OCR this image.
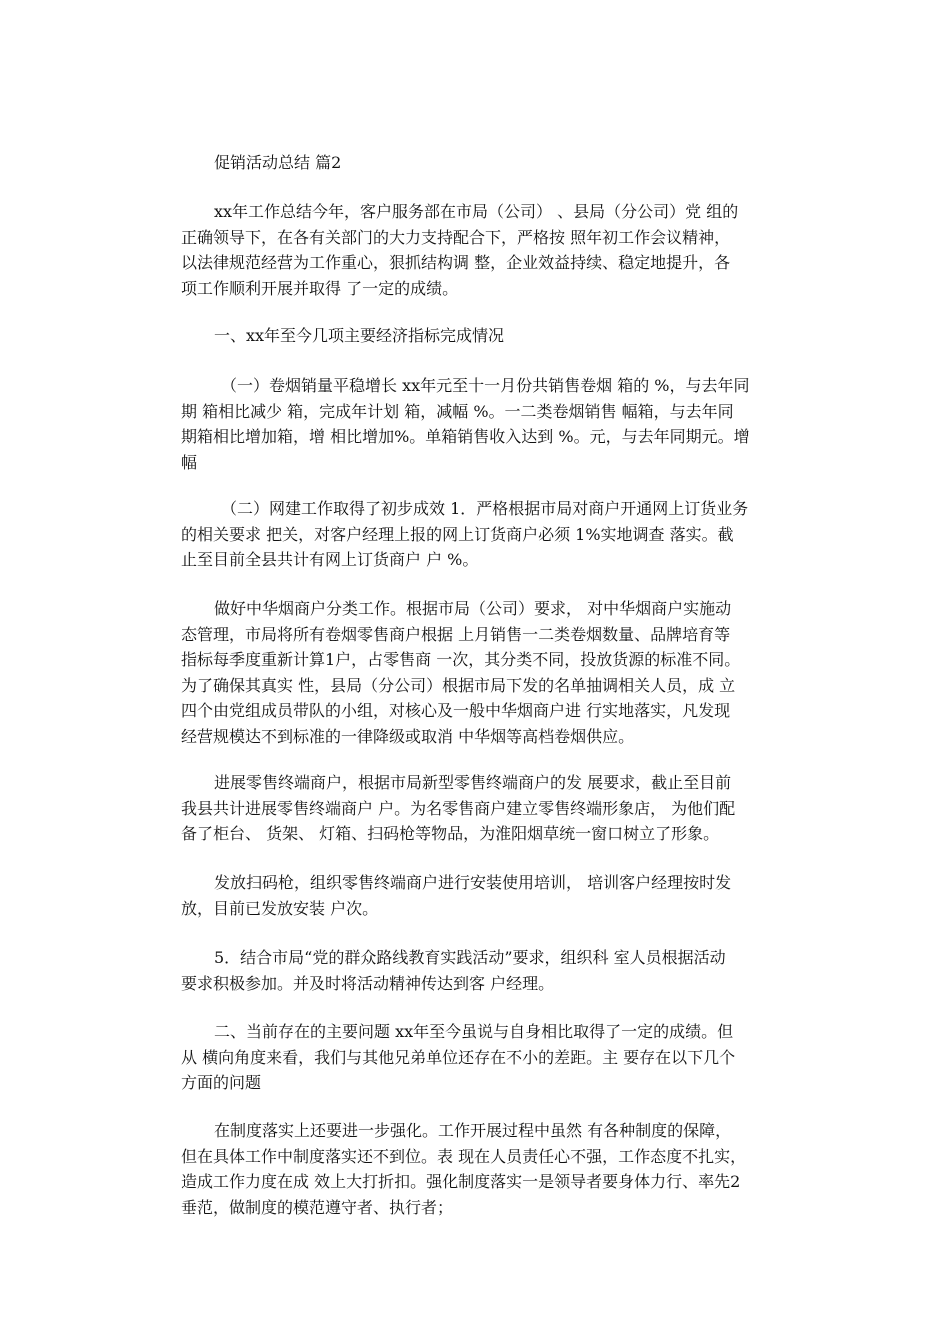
促销活动总结 篇2
xx年工作总结今年，客户服务部在市局（公司） 、县局（分公司）党 组的
正确领导下，在各有关部门的大力支持配合下，严格按 照年初工作会议精神，
以法律规范经营为工作重心，狠抓结构调 整，企业效益持续、稳定地提升，各
项工作顺利开展并取得 了一定的成绩。
一、xx年至今几项主要经济指标完成情况
（一）卷烟销量平稳增长 xx年元至十一月份共销售卷烟 箱的 %，与去年同
期 箱相比减少 箱，完成年计划 箱，减幅 %。一二类卷烟销售 幅箱，与去年同
期箱相比增加箱，增 相比增加%。单箱销售收入达到 %。元，与去年同期元。增
幅
（二）网建工作取得了初步成效 1．严格根据市局对商户开通网上订货业务
的相关要求 把关，对客户经理上报的网上订货商户必须 1%实地调查 落实。截
止至目前全县共计有网上订货商户 户 %。
做好中华烟商户分类工作。根据市局（公司）要求， 对中华烟商户实施动
态管理，市局将所有卷烟零售商户根据 上月销售一二类卷烟数量、品牌培育等
指标每季度重新计算1户，占零售商 一次，其分类不同，投放货源的标准不同。
为了确保其真实 性，县局（分公司）根据市局下发的名单抽调相关人员，成 立
四个由党组成员带队的小组，对核心及一般中华烟商户进 行实地落实，凡发现
经营规模达不到标准的一律降级或取消 中华烟等高档卷烟供应。
进展零售终端商户，根据市局新型零售终端商户的发 展要求，截止至目前
我县共计进展零售终端商户 户。为名零售商户建立零售终端形象店， 为他们配
备了柜台、 货架、 灯箱、扫码枪等物品，为淮阳烟草统一窗口树立了形象。
发放扫码枪，组织零售终端商户进行安装使用培训， 培训客户经理按时发
放，目前已发放安装 户次。
5．结合市局“党的群众路线教育实践活动”要求，组织科 室人员根据活动
要求积极参加。并及时将活动精神传达到客 户经理。
二、当前存在的主要问题 xx年至今虽说与自身相比取得了一定的成绩。但
从 横向角度来看，我们与其他兄弟单位还存在不小的差距。主 要存在以下几个
方面的问题
在制度落实上还要进一步强化。工作开展过程中虽然 有各种制度的保障，
但在具体工作中制度落实还不到位。表 现在人员责任心不强，工作态度不扎实，
造成工作力度在成 效上大打折扣。强化制度落实一是领导者要身体力行、率先2
垂范，做制度的模范遵守者、执行者；
